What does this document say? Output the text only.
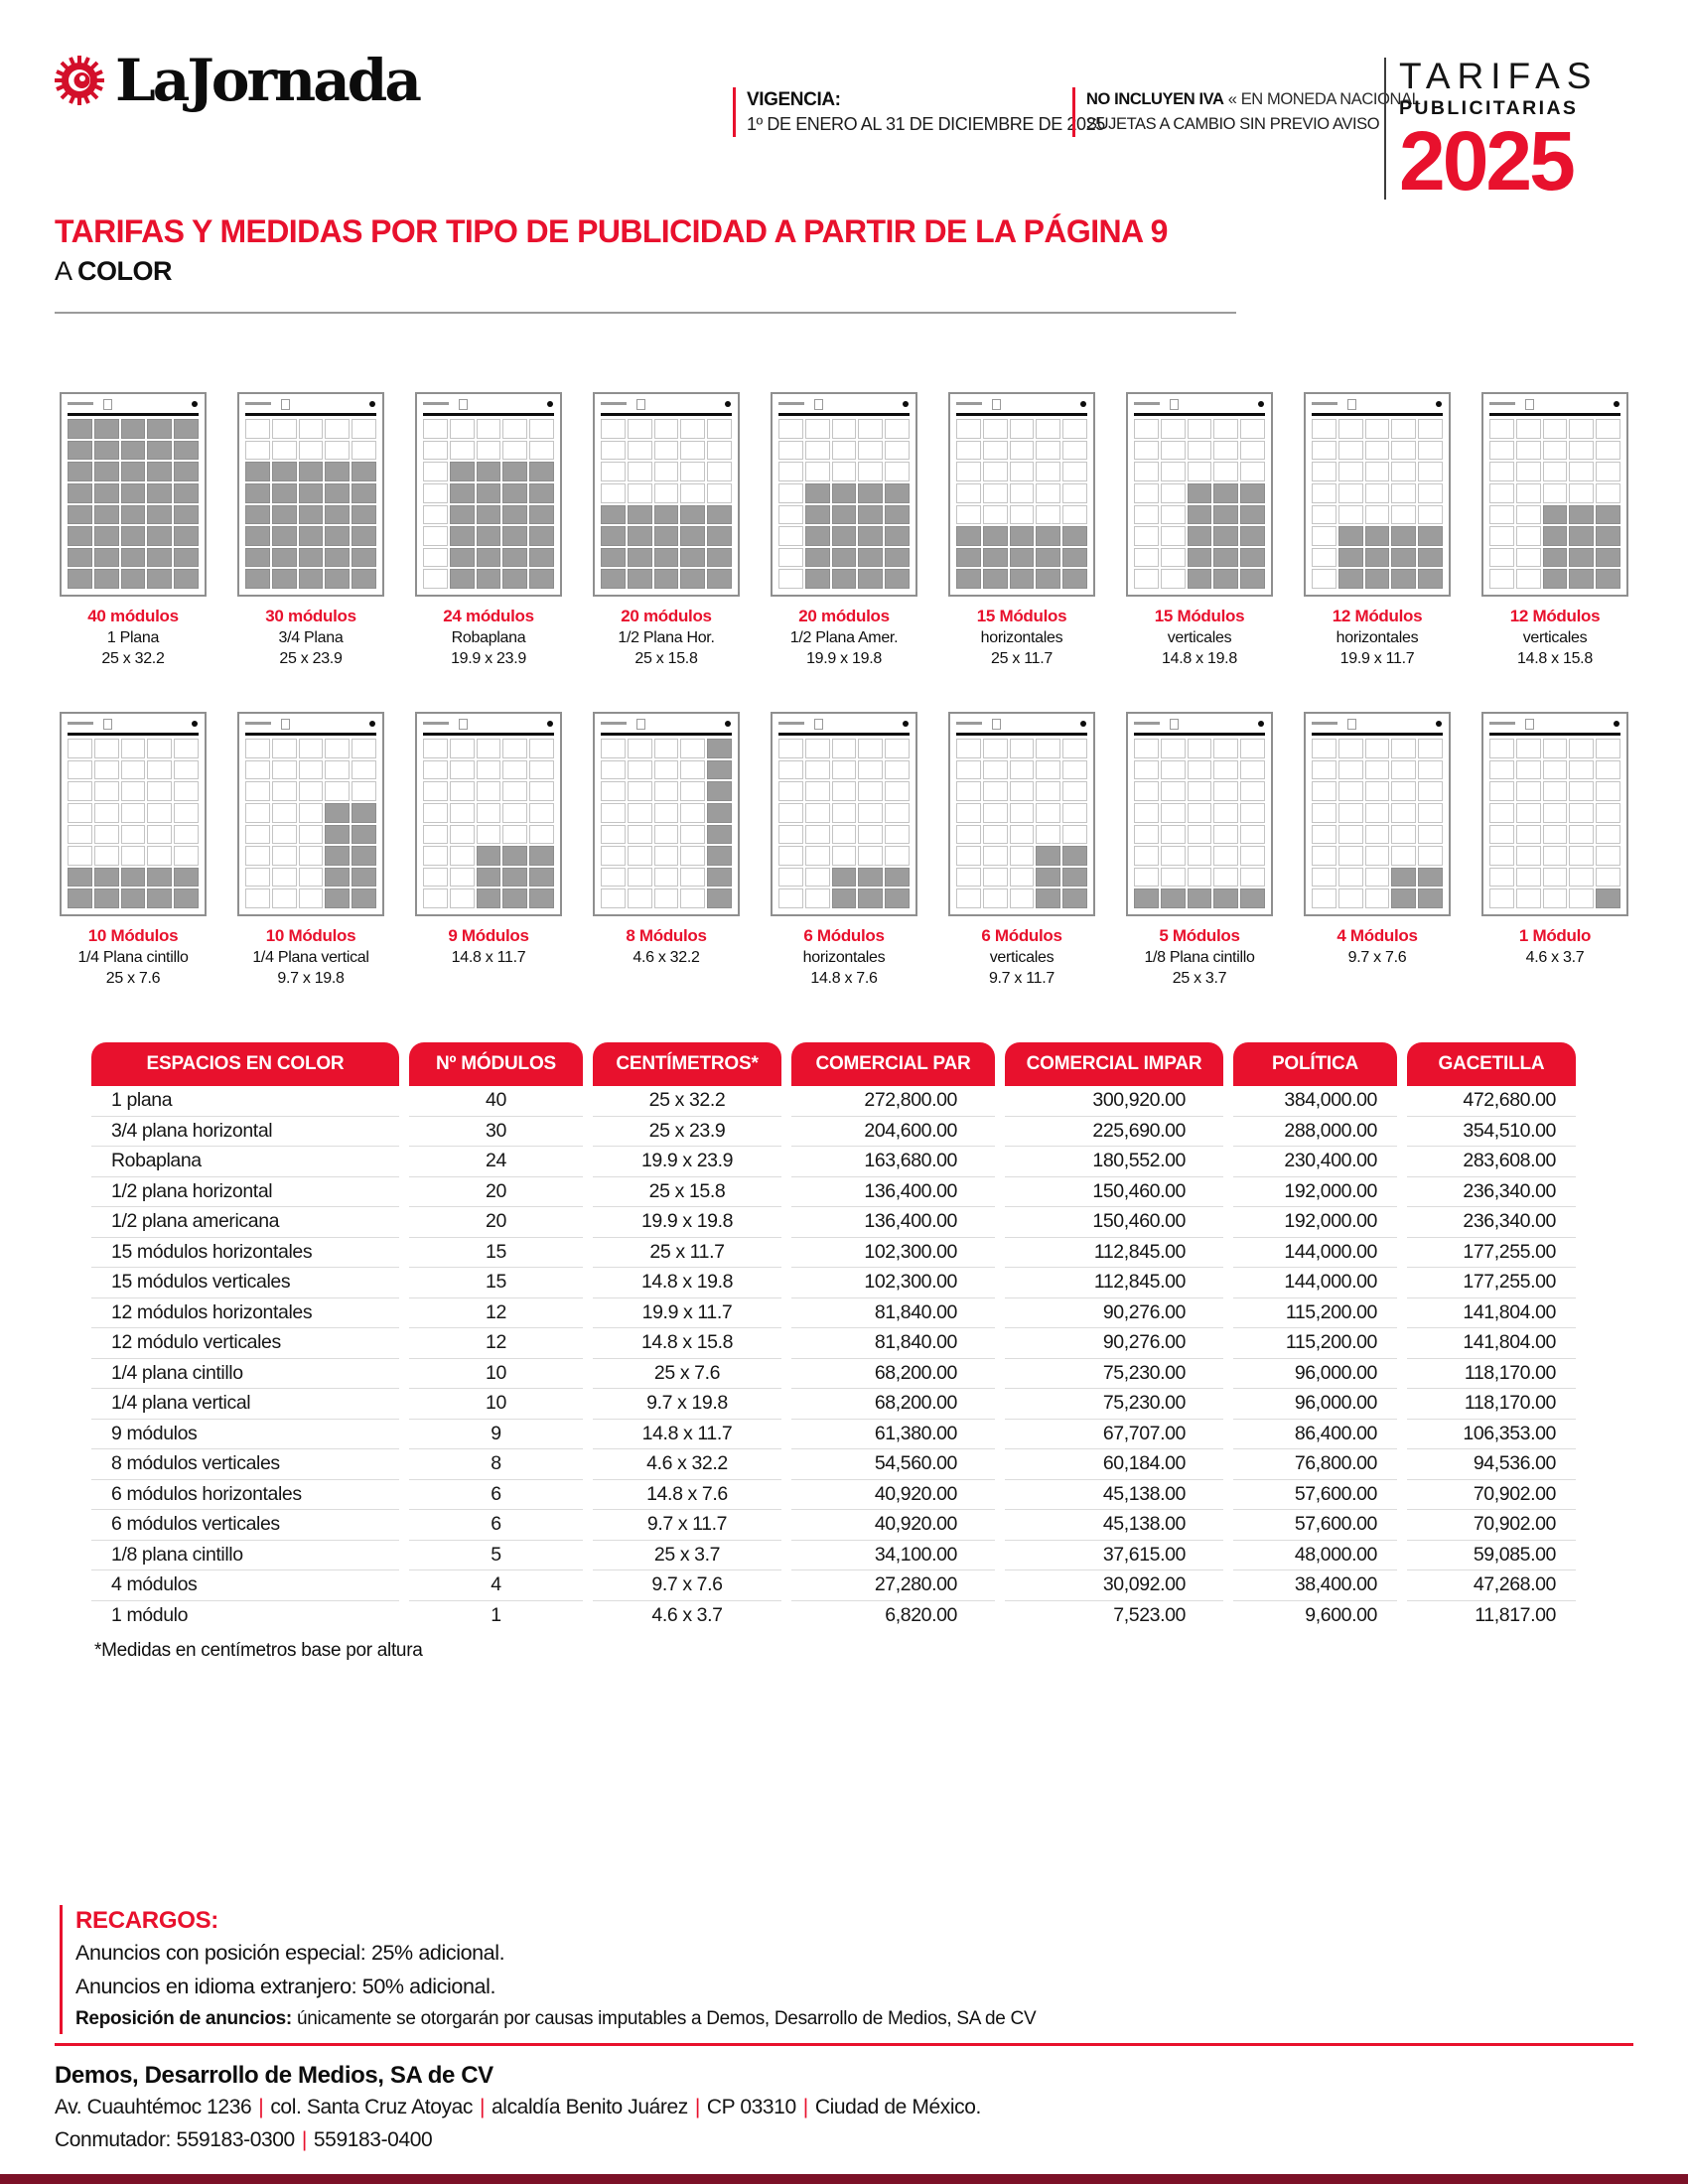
LaJornada	VIGENCIA:
1º DE ENERO AL 31 DE DICIEMBRE DE 2025
NO INCLUYEN IVA « EN MONEDA NACIONAL
SUJETAS A CAMBIO SIN PREVIO AVISO
TARIFAS
PUBLICITARIAS
2025
TARIFAS Y MEDIDAS POR TIPO DE PUBLICIDAD A PARTIR DE LA PÁGINA 9
A COLOR
40 módulos
1 Plana
25 x 32.2
30 módulos
3/4 Plana
25 x 23.9
24 módulos
Robaplana
19.9 x 23.9
20 módulos
1/2 Plana Hor.
25 x 15.8
20 módulos
1/2 Plana Amer.
19.9 x 19.8
15 Módulos
horizontales
25 x 11.7
15 Módulos
verticales
14.8 x 19.8
12 Módulos
horizontales
19.9 x 11.7
12 Módulos
verticales
14.8 x 15.8
10 Módulos
1/4 Plana cintillo
25 x 7.6
10 Módulos
1/4 Plana vertical
9.7 x 19.8
9 Módulos
14.8 x 11.7
8 Módulos
4.6 x 32.2
6 Módulos
horizontales
14.8 x 7.6
6 Módulos
verticales
9.7 x 11.7
5 Módulos
1/8 Plana cintillo
25 x 3.7
4 Módulos
9.7 x 7.6
1 Módulo
4.6 x 3.7
ESPACIOS EN COLOR
1 plana
3/4 plana horizontal
Robaplana
1/2 plana horizontal
1/2 plana americana
15 módulos horizontales
15 módulos verticales
12 módulos horizontales
12 módulo verticales
1/4 plana cintillo
1/4 plana vertical
9 módulos
8 módulos verticales
6 módulos horizontales
6 módulos verticales
1/8 plana cintillo
4 módulos
1 módulo
Nº MÓDULOS
40
30
24
20
20
15
15
12
12
10
10
9
8
6
6
5
4
1
CENTÍMETROS*
25 x 32.2
25 x 23.9
19.9 x 23.9
25 x 15.8
19.9 x 19.8
25 x 11.7
14.8 x 19.8
19.9 x 11.7
14.8 x 15.8
25 x 7.6
9.7 x 19.8
14.8 x 11.7
4.6 x 32.2
14.8 x 7.6
9.7 x 11.7
25 x 3.7
9.7 x 7.6
4.6 x 3.7
COMERCIAL PAR
272,800.00
204,600.00
163,680.00
136,400.00
136,400.00
102,300.00
102,300.00
81,840.00
81,840.00
68,200.00
68,200.00
61,380.00
54,560.00
40,920.00
40,920.00
34,100.00
27,280.00
6,820.00
COMERCIAL IMPAR
300,920.00
225,690.00
180,552.00
150,460.00
150,460.00
112,845.00
112,845.00
90,276.00
90,276.00
75,230.00
75,230.00
67,707.00
60,184.00
45,138.00
45,138.00
37,615.00
30,092.00
7,523.00
POLÍTICA
384,000.00
288,000.00
230,400.00
192,000.00
192,000.00
144,000.00
144,000.00
115,200.00
115,200.00
96,000.00
96,000.00
86,400.00
76,800.00
57,600.00
57,600.00
48,000.00
38,400.00
9,600.00
GACETILLA
472,680.00
354,510.00
283,608.00
236,340.00
236,340.00
177,255.00
177,255.00
141,804.00
141,804.00
118,170.00
118,170.00
106,353.00
94,536.00
70,902.00
70,902.00
59,085.00
47,268.00
11,817.00
*Medidas en centímetros base por altura
RECARGOS:
Anuncios con posición especial: 25% adicional.
Anuncios en idioma extranjero: 50% adicional.
Reposición de anuncios: únicamente se otorgarán por causas imputables a Demos, Desarrollo de Medios, SA de CV
Demos, Desarrollo de Medios, SA de CV
Av. Cuauhtémoc 1236 | col. Santa Cruz Atoyac | alcaldía Benito Juárez | CP 03310 | Ciudad de México.
Conmutador: 559183-0300 | 559183-0400
